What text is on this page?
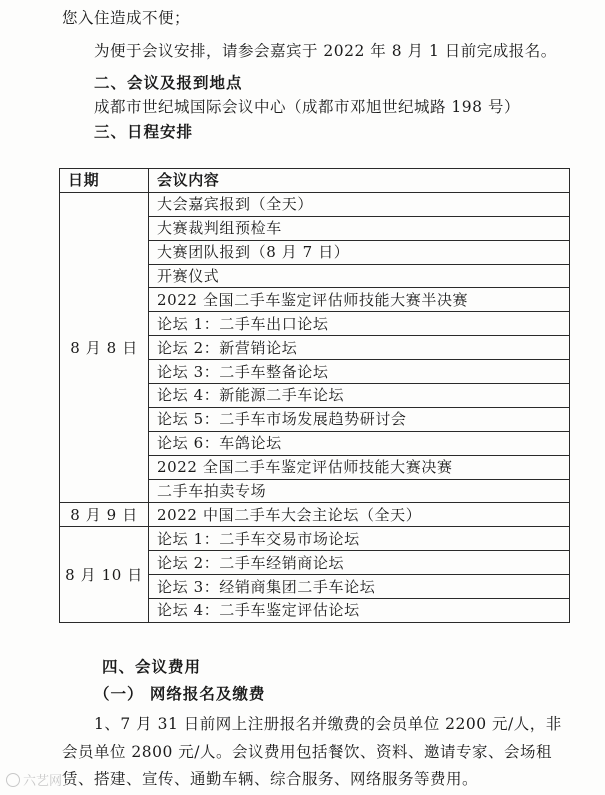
您入住造成不便；
为便于会议安排，请参会嘉宾于 2022 年 8 月 1 日前完成报名。
二、会议及报到地点
成都市世纪城国际会议中心（成都市邓旭世纪城路 198 号）
三、日程安排
日期	会议内容
8 月 8 日	大会嘉宾报到（全天）
	大赛裁判组预检车
	大赛团队报到（8 月 7 日）
	开赛仪式
	2022 全国二手车鉴定评估师技能大赛半决赛
	论坛 1：二手车出口论坛
	论坛 2：新营销论坛
	论坛 3：二手车整备论坛
	论坛 4：新能源二手车论坛
	论坛 5：二手车市场发展趋势研讨会
	论坛 6：车鸽论坛
	2022 全国二手车鉴定评估师技能大赛决赛
	二手车拍卖专场
8 月 9 日	2022 中国二手车大会主论坛（全天）
8 月 10 日	论坛 1：二手车交易市场论坛
	论坛 2：二手车经销商论坛
	论坛 3：经销商集团二手车论坛
	论坛 4：二手车鉴定评估论坛
四、会议费用
（一） 网络报名及缴费
1、7 月 31 日前网上注册报名并缴费的会员单位 2200 元/人，非
会员单位 2800 元/人。会议费用包括餐饮、资料、邀请专家、会场租
赁、搭建、宣传、通勤车辆、综合服务、网络服务等费用。
六艺网
